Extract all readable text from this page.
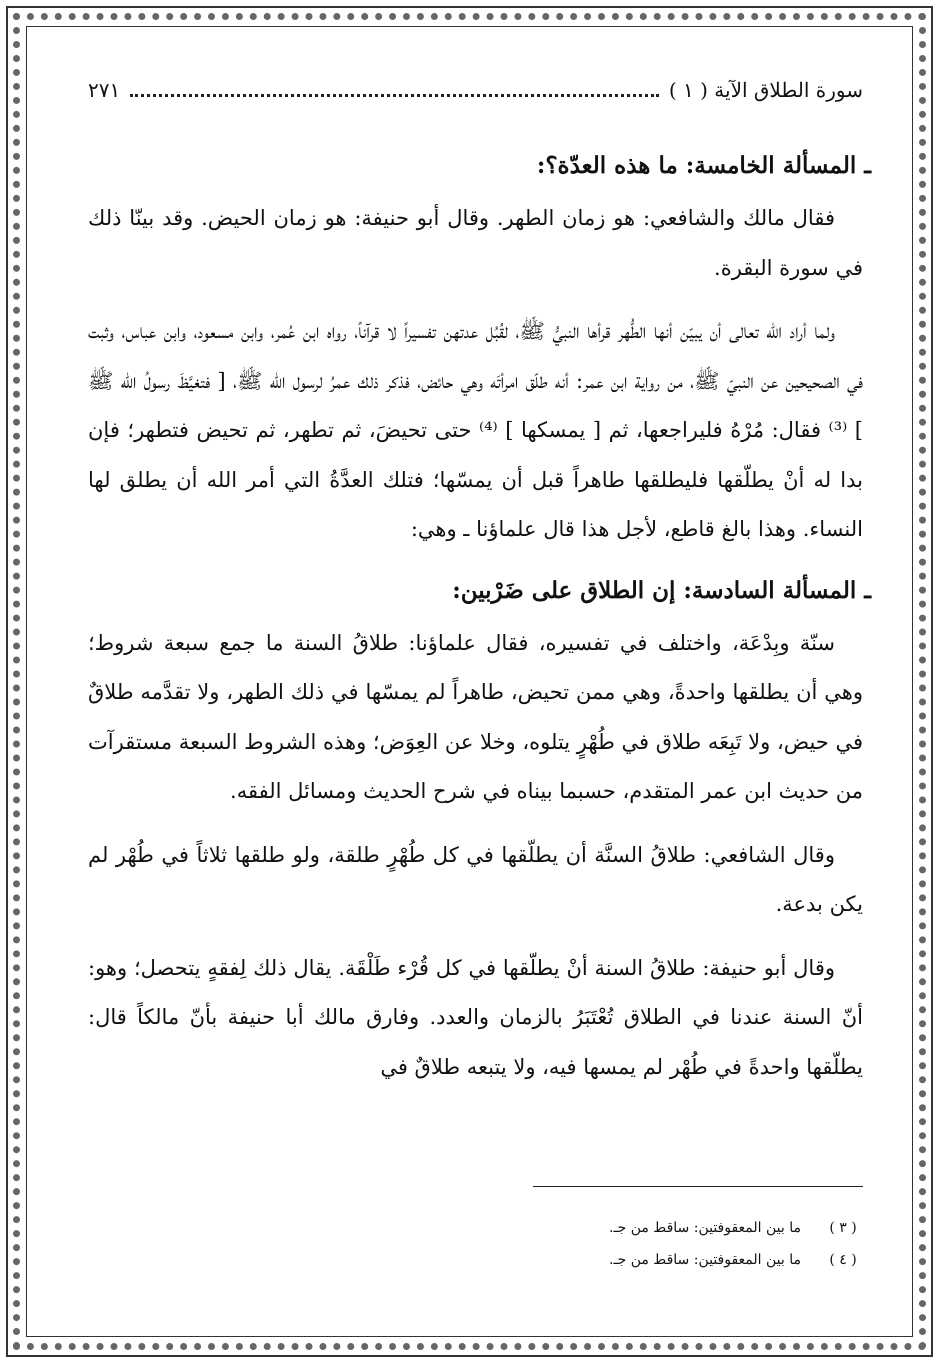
سورة الطلاق الآية ( ١ )
٢٧١
ـ المسألة الخامسة: ما هذه العدّة؟:

فقال مالك والشافعي: هو زمان الطهر. وقال أبو حنيفة: هو زمان الحيض. وقد بينّا ذلك في سورة البقرة.

ولما أراد الله تعالى أن يبيّن أنها الطُّهر قرأها النبيُّ ﷺ، لقُبُل عدتهن تفسيراً لا قرآناً، رواه ابن عُمر، وابن مسعود، وابن عباس، وثبت في الصحيحين عن النبيّ ﷺ، من رواية ابن عمر: أنه طلّق امرأتَه وهي حائض، فذكر ذلك عمرُ لرسول الله ﷺ، [ فتغيَّظَ رسولُ الله ﷺ ] ⁽³⁾ فقال: مُرْهُ فليراجعها، ثم [ يمسكها ] ⁽⁴⁾ حتى تحيضَ، ثم تطهر، ثم تحيض فتطهر؛ فإن بدا له أنْ يطلّقها فليطلقها طاهراً قبل أن يمسّها؛ فتلك العدَّةُ التي أمر الله أن يطلق لها النساء. وهذا بالغ قاطع، لأجل هذا قال علماؤنا ـ وهي:

ـ المسألة السادسة: إن الطلاق على ضَرْبين:

سنّة وبِدْعَة، واختلف في تفسيره، فقال علماؤنا: طلاقُ السنة ما جمع سبعة شروط؛ وهي أن يطلقها واحدةً، وهي ممن تحيض، طاهراً لم يمسّها في ذلك الطهر، ولا تقدَّمه طلاقٌ في حيض، ولا تَبِعَه طلاق في طُهْرٍ يتلوه، وخلا عن العِوَض؛ وهذه الشروط السبعة مستقرآت من حديث ابن عمر المتقدم، حسبما بيناه في شرح الحديث ومسائل الفقه.

وقال الشافعي: طلاقُ السنَّة أن يطلّقها في كل طُهْرٍ طلقة، ولو طلقها ثلاثاً في طُهْر لم يكن بدعة.

وقال أبو حنيفة: طلاقُ السنة أنْ يطلّقها في كل قُرْء طَلْقَة. يقال ذلك لِفقهٍ يتحصل؛ وهو: أنّ السنة عندنا في الطلاق تُعْتَبَرُ بالزمان والعدد. وفارق مالك أبا حنيفة بأنّ مالكاً قال: يطلّقها واحدةً في طُهْر لم يمسها فيه، ولا يتبعه طلاقٌ في

( ٣ )
ما بين المعقوفتين: ساقط من جـ.
( ٤ )
ما بين المعقوفتين: ساقط من جـ.
